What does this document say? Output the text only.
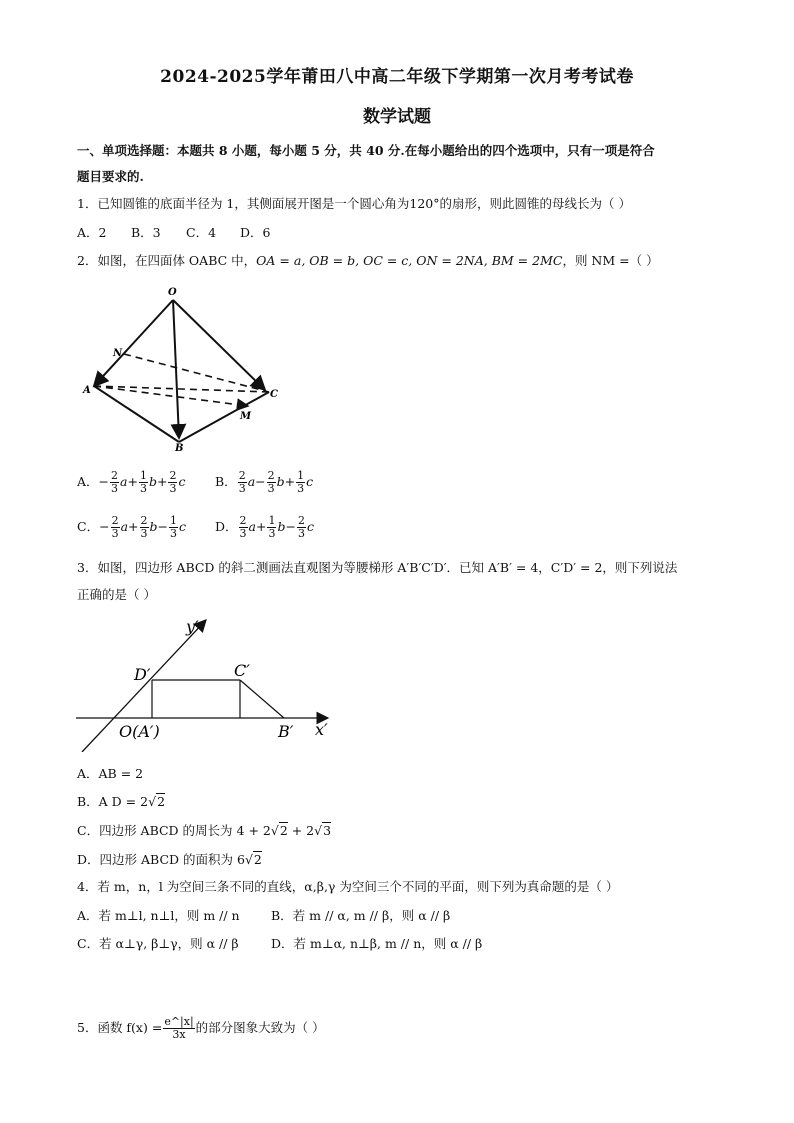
2024-2025学年莆田八中高二年级下学期第一次月考考试卷
数学试题
一、单项选择题：本题共 8 小题，每小题 5 分，共 40 分.在每小题给出的四个选项中，只有一项是符合
题目要求的.
1．已知圆锥的底面半径为 1，其侧面展开图是一个圆心角为120°的扇形，则此圆锥的母线长为（ ）
A．2 B．3 C．4 D．6
2．如图，在四面体 OABC 中，OA = a, OB = b, OC = c, ON = 2NA, BM = 2MC，则 NM =（ ）
O
N
A	C
M
B
A．− $\frac{2}{3} a+ \frac{1}{3} b+ \frac{2}{3}$ c B． $\frac{2}{3} a- \frac{2}{3} b+ \frac{1}{3}$ c
C．− $\frac{2}{3} a+ \frac{2}{3} b- \frac{1}{3}$ c D． $\frac{2}{3} a+ \frac{1}{3} b- \frac{2}{3}$ c
3．如图，四边形 ABCD 的斜二测画法直观图为等腰梯形 A′B′C′D′．已知 A′B′ = 4，C′D′ = 2，则下列说法
正确的是（ ）
y′
D′	C′
O(A′)	B′ x′
A．AB = 2
B．A D = 2√2
C．四边形 ABCD 的周长为 4 + 2√2 + 2√3
D．四边形 ABCD 的面积为 6√2
4．若 m，n，l 为空间三条不同的直线，α,β,γ 为空间三个不同的平面，则下列为真命题的是（ ）
A．若 m⊥l, n⊥l，则 m // n	B．若 m // α, m // β，则 α // β
C．若 α⊥γ, β⊥γ，则 α // β	D．若 m⊥α, n⊥β, m // n，则 α // β
5．函数 $f(x) = \frac{e\^{}|x|}{3x}$ 的部分图象大致为（ ）
